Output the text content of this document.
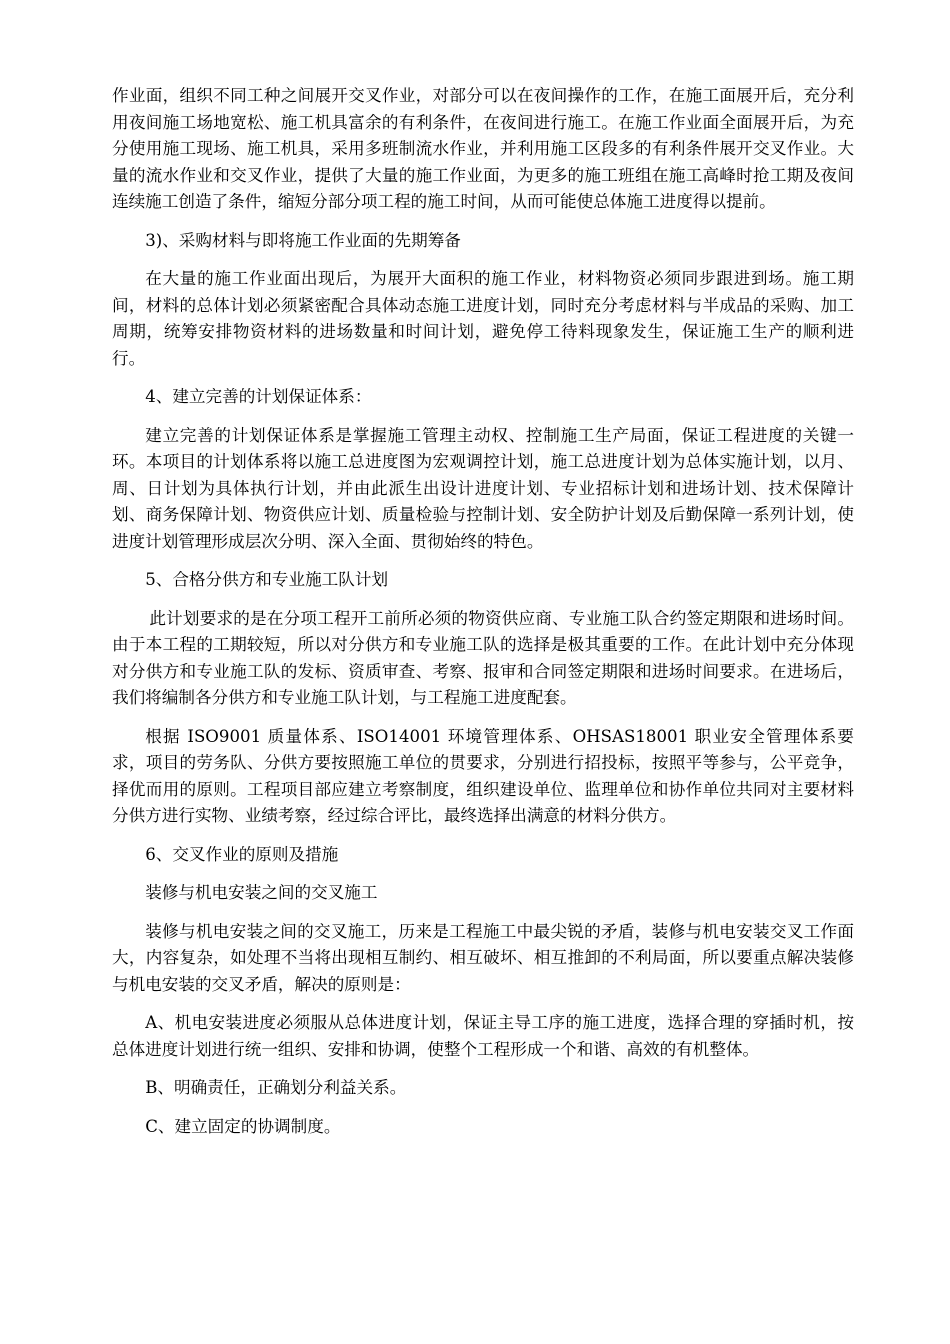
作业面，组织不同工种之间展开交叉作业，对部分可以在夜间操作的工作，在施工面展开后，充分利用夜间施工场地宽松、施工机具富余的有利条件，在夜间进行施工。在施工作业面全面展开后，为充分使用施工现场、施工机具，采用多班制流水作业，并利用施工区段多的有利条件展开交叉作业。大量的流水作业和交叉作业，提供了大量的施工作业面，为更多的施工班组在施工高峰时抢工期及夜间连续施工创造了条件，缩短分部分项工程的施工时间，从而可能使总体施工进度得以提前。

3)、采购材料与即将施工作业面的先期筹备

在大量的施工作业面出现后，为展开大面积的施工作业，材料物资必须同步跟进到场。施工期间，材料的总体计划必须紧密配合具体动态施工进度计划，同时充分考虑材料与半成品的采购、加工周期，统筹安排物资材料的进场数量和时间计划，避免停工待料现象发生，保证施工生产的顺利进行。

4、建立完善的计划保证体系：

建立完善的计划保证体系是掌握施工管理主动权、控制施工生产局面，保证工程进度的关键一环。本项目的计划体系将以施工总进度图为宏观调控计划，施工总进度计划为总体实施计划，以月、周、日计划为具体执行计划，并由此派生出设计进度计划、专业招标计划和进场计划、技术保障计划、商务保障计划、物资供应计划、质量检验与控制计划、安全防护计划及后勤保障一系列计划，使进度计划管理形成层次分明、深入全面、贯彻始终的特色。

5、合格分供方和专业施工队计划

此计划要求的是在分项工程开工前所必须的物资供应商、专业施工队合约签定期限和进场时间。由于本工程的工期较短，所以对分供方和专业施工队的选择是极其重要的工作。在此计划中充分体现对分供方和专业施工队的发标、资质审查、考察、报审和合同签定期限和进场时间要求。在进场后，我们将编制各分供方和专业施工队计划，与工程施工进度配套。

根据 ISO9001 质量体系、ISO14001 环境管理体系、OHSAS18001 职业安全管理体系要求，项目的劳务队、分供方要按照施工单位的贯要求，分别进行招投标，按照平等参与，公平竞争，择优而用的原则。工程项目部应建立考察制度，组织建设单位、监理单位和协作单位共同对主要材料分供方进行实物、业绩考察，经过综合评比，最终选择出满意的材料分供方。

6、交叉作业的原则及措施

装修与机电安装之间的交叉施工

装修与机电安装之间的交叉施工，历来是工程施工中最尖锐的矛盾，装修与机电安装交叉工作面大，内容复杂，如处理不当将出现相互制约、相互破坏、相互推卸的不利局面，所以要重点解决装修与机电安装的交叉矛盾，解决的原则是：

A、机电安装进度必须服从总体进度计划，保证主导工序的施工进度，选择合理的穿插时机，按总体进度计划进行统一组织、安排和协调，使整个工程形成一个和谐、高效的有机整体。

B、明确责任，正确划分利益关系。

C、建立固定的协调制度。
